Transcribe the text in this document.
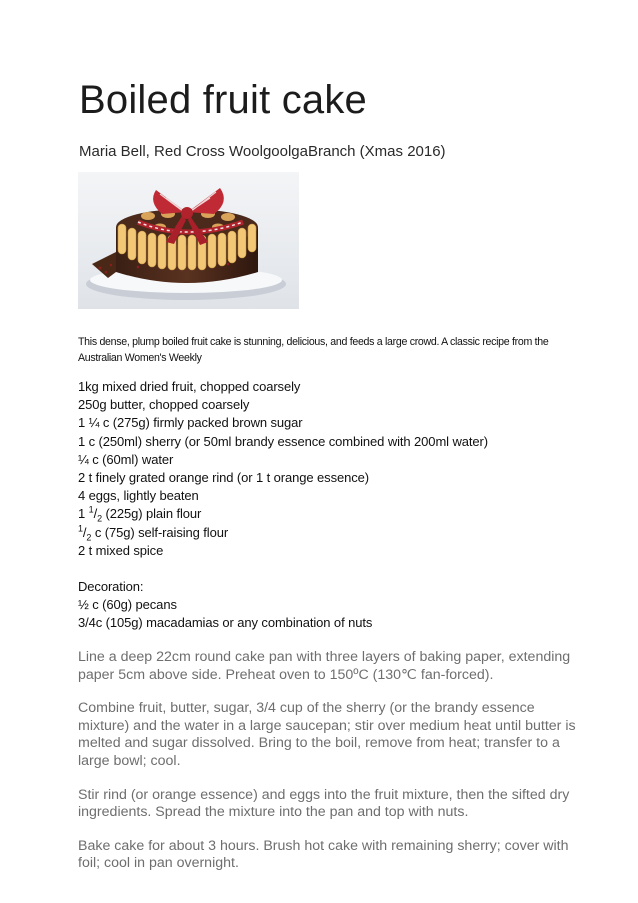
Boiled fruit cake
Maria Bell, Red Cross WoolgoolgaBranch (Xmas 2016)
This dense, plump boiled fruit cake is stunning, delicious, and feeds a large crowd. A classic recipe from the Australian Women's Weekly
1kg mixed dried fruit, chopped coarsely
250g butter, chopped coarsely
1 ¼ c (275g) firmly packed brown sugar
1 c (250ml) sherry (or 50ml brandy essence combined with 200ml water)
¼ c (60ml) water
2 t finely grated orange rind (or 1 t orange essence)
4 eggs, lightly beaten
1 $^1/_2$ (225g) plain flour
$^1/_2$ c (75g) self-raising flour
2 t mixed spice
Decoration:
½ c (60g) pecans
3/4c (105g) macadamias or any combination of nuts

Line a deep 22cm round cake pan with three layers of baking paper, extending paper 5cm above side. Preheat oven to 150ºC (130℃ fan-forced).

Combine fruit, butter, sugar, 3/4 cup of the sherry (or the brandy essence mixture) and the water in a large saucepan; stir over medium heat until butter is melted and sugar dissolved. Bring to the boil, remove from heat; transfer to a large bowl; cool.

Stir rind (or orange essence) and eggs into the fruit mixture, then the sifted dry ingredients. Spread the mixture into the pan and top with nuts.

Bake cake for about 3 hours. Brush hot cake with remaining sherry; cover with foil; cool in pan overnight.
